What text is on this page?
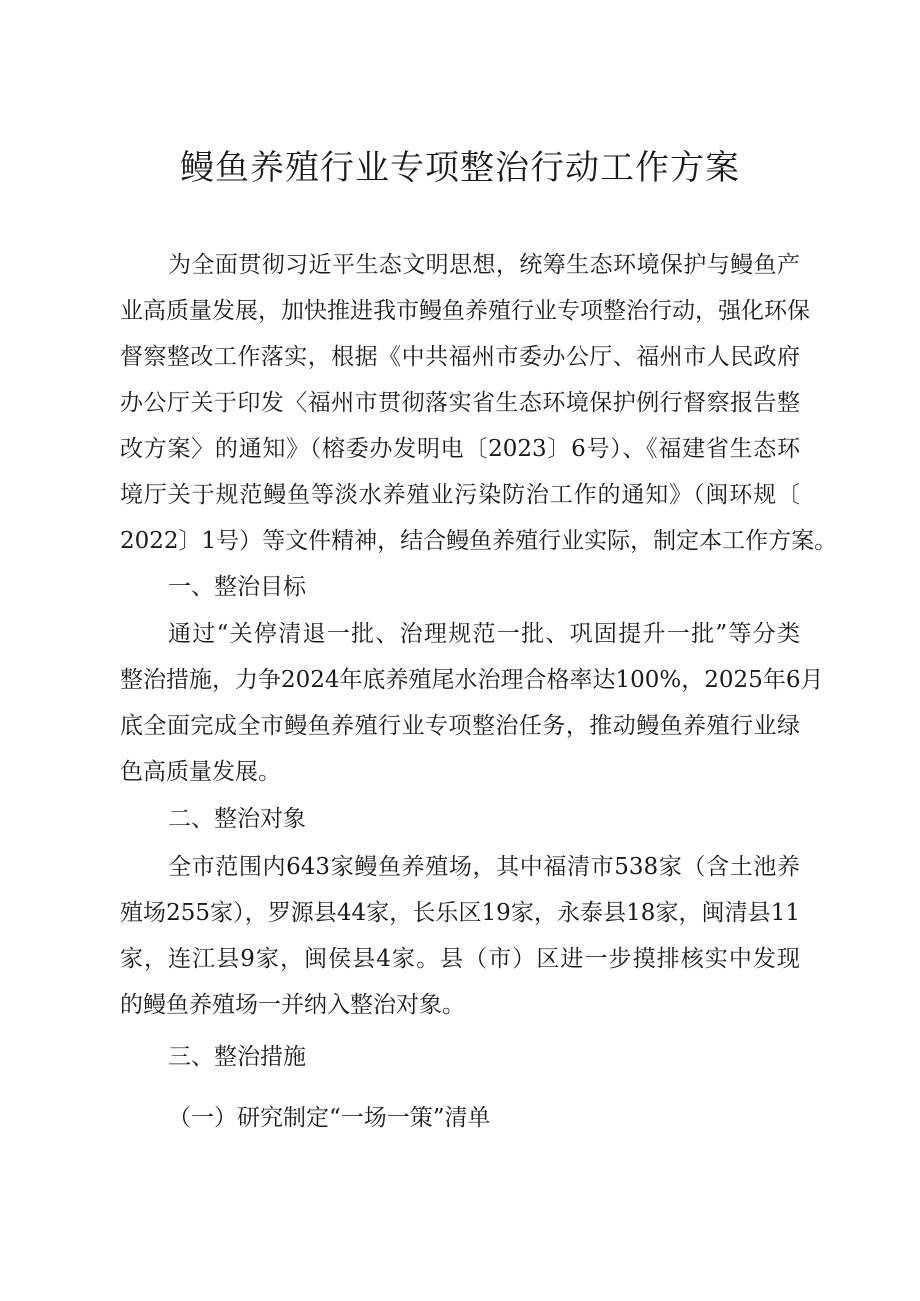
鳗鱼养殖行业专项整治行动工作方案
为全面贯彻习近平生态文明思想，统筹生态环境保护与鳗鱼产
业高质量发展，加快推进我市鳗鱼养殖行业专项整治行动，强化环保
督察整改工作落实，根据《中共福州市委办公厅、福州市人民政府
办公厅关于印发〈福州市贯彻落实省生态环境保护例行督察报告整
改方案〉的通知》（榕委办发明电〔2023〕6号）、《福建省生态环
境厅关于规范鳗鱼等淡水养殖业污染防治工作的通知》（闽环规〔
2022〕1号）等文件精神，结合鳗鱼养殖行业实际，制定本工作方案。
一、整治目标
通过“关停清退一批、治理规范一批、巩固提升一批”等分类
整治措施，力争2024年底养殖尾水治理合格率达100%，2025年6月
底全面完成全市鳗鱼养殖行业专项整治任务，推动鳗鱼养殖行业绿
色高质量发展。
二、整治对象
全市范围内643家鳗鱼养殖场，其中福清市538家（含土池养
殖场255家），罗源县44家，长乐区19家，永泰县18家，闽清县11
家，连江县9家，闽侯县4家。县（市）区进一步摸排核实中发现
的鳗鱼养殖场一并纳入整治对象。
三、整治措施
（一）研究制定“一场一策”清单
